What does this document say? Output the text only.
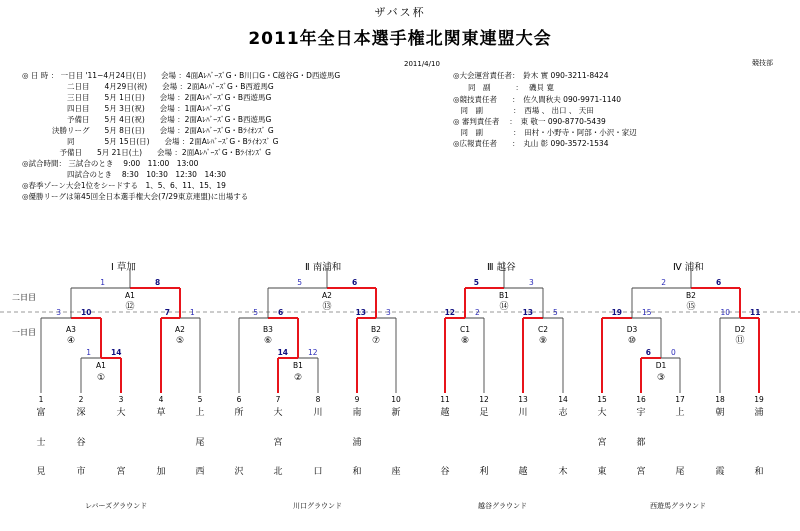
ザバス杯
2011年全日本選手権北関東連盟大会
2011/4/10	競技部
◎ 日 時 ： 一日目 '11−4月24日(日)　　会場 ：4面AﾚﾊﾞｰｽﾞG・B川口G・C越谷G・D西遊馬G
　　　　　　二日目　　4月29日(祝)　　会場 ：2面AﾚﾊﾞｰｽﾞG・B西遊馬G
　　　　　　三日目　　5月 1日(日)　　会場 ：2面AﾚﾊﾞｰｽﾞG・B西遊馬G
　　　　　　四日目　　5月 3日(祝)　　会場 ：1面AﾚﾊﾞｰｽﾞG
　　　　　　予備日　　5月 4日(祝)　　会場 ：2面AﾚﾊﾞｰｽﾞG・B西遊馬G
　　　　決勝リーグ　　5月 8日(日)　　会場 ：2面AﾚﾊﾞｰｽﾞG・Bﾗｲｵﾝｽﾞ G
　　　　　　同　　　　5月 15日(日)　　会場 ：2面AﾚﾊﾞｰｽﾞG・Bﾗｲｵﾝｽﾞ G
　　　　　予備日　　5月 21日(土)　　会場 ：2面AﾚﾊﾞｰｽﾞG・Bﾗｲｵﾝｽﾞ G
◎試合時間： 三試合のとき　 9:00　11:00　13:00
　　　　　　四試合のとき　 8:30　10:30　12:30　14:30
◎春季ゾーン大会1位をシードする　1、5、6、11、15、19
◎優勝リーグは第45回全日本選手権大会(7/29東京連盟)に出場する
◎大会運営責任者：　鈴木 實 090-3211-8424
　　同　副　　　 ：　 磯貝 寛
◎競技責任者　　：　佐久間秋夫 090-9971-1140
　同　副　　　　：　西場 、 出口 、 天田
◎ 審判責任者　 ：　東 敬一 090-8770-5439
　同　副　　　　：　田村・小野寺・阿部・小沢・家辺
◎広報責任者　　：　丸山 彰 090-3572-1534
二日目
一日目
Ⅰ 草加	Ⅱ 南浦和	Ⅲ 越谷	Ⅳ 浦和
レバーズグラウンド	川口グラウンド	越谷グラウンド	西遊馬グラウンド
1	14
A1
①
7	1
A2
⑤
3	10
A3
④
1	8
A1
⑫
14	12
B1
②
5	6
B3
⑥
13	3
B2
⑦
5	6
A2
⑬
12	2
C1
⑧
13	5
C2
⑨
5	3
B1
⑭
19	15
D3
⑩
6	0
D1
③
10	11
D2
⑪
2	6
B2
⑮
1
富
士
見
2
深
谷
市
3
大
宮
4
草
加
5
上
尾
西
6
所
沢
7
大
宮
北
8
川
口
9
南
浦
和
10
新
座
11
越
谷
12
足
利
13
川
越
14
志
木
15
大
宮
東
16
宇
都
宮
17
上
尾
18
朝
霞
19
浦
和
